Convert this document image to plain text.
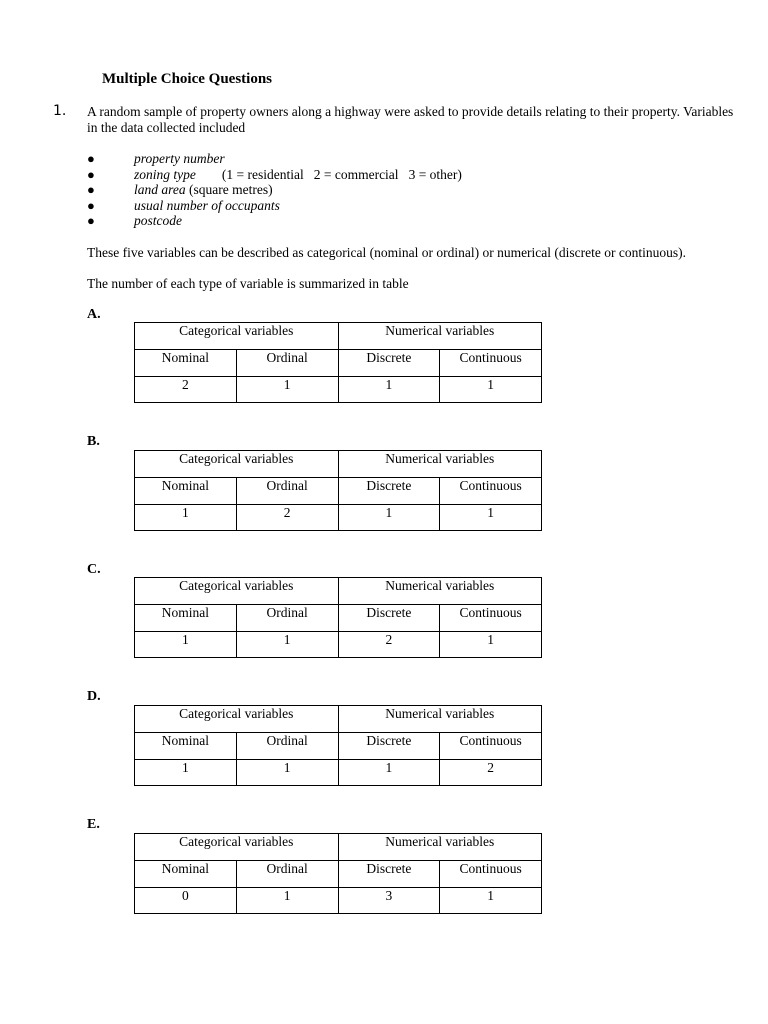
Multiple Choice Questions
1. A random sample of property owners along a highway were asked to provide details relating to their property. Variables in the data collected included
●	property number
●	zoning type (1 = residential 2 = commercial 3 = other)
●	land area (square metres)
●	usual number of occupants
●	postcode
These five variables can be described as categorical (nominal or ordinal) or numerical (discrete or continuous).
The number of each type of variable is summarized in table
A.
Categorical variables		Numerical variables	
Nominal	Ordinal	Discrete	Continuous
2	1	1	1
B.
Categorical variables		Numerical variables	
Nominal	Ordinal	Discrete	Continuous
1	2	1	1
C.
Categorical variables		Numerical variables	
Nominal	Ordinal	Discrete	Continuous
1	1	2	1
D.
Categorical variables		Numerical variables	
Nominal	Ordinal	Discrete	Continuous
1	1	1	2
E.
Categorical variables		Numerical variables	
Nominal	Ordinal	Discrete	Continuous
0	1	3	1
